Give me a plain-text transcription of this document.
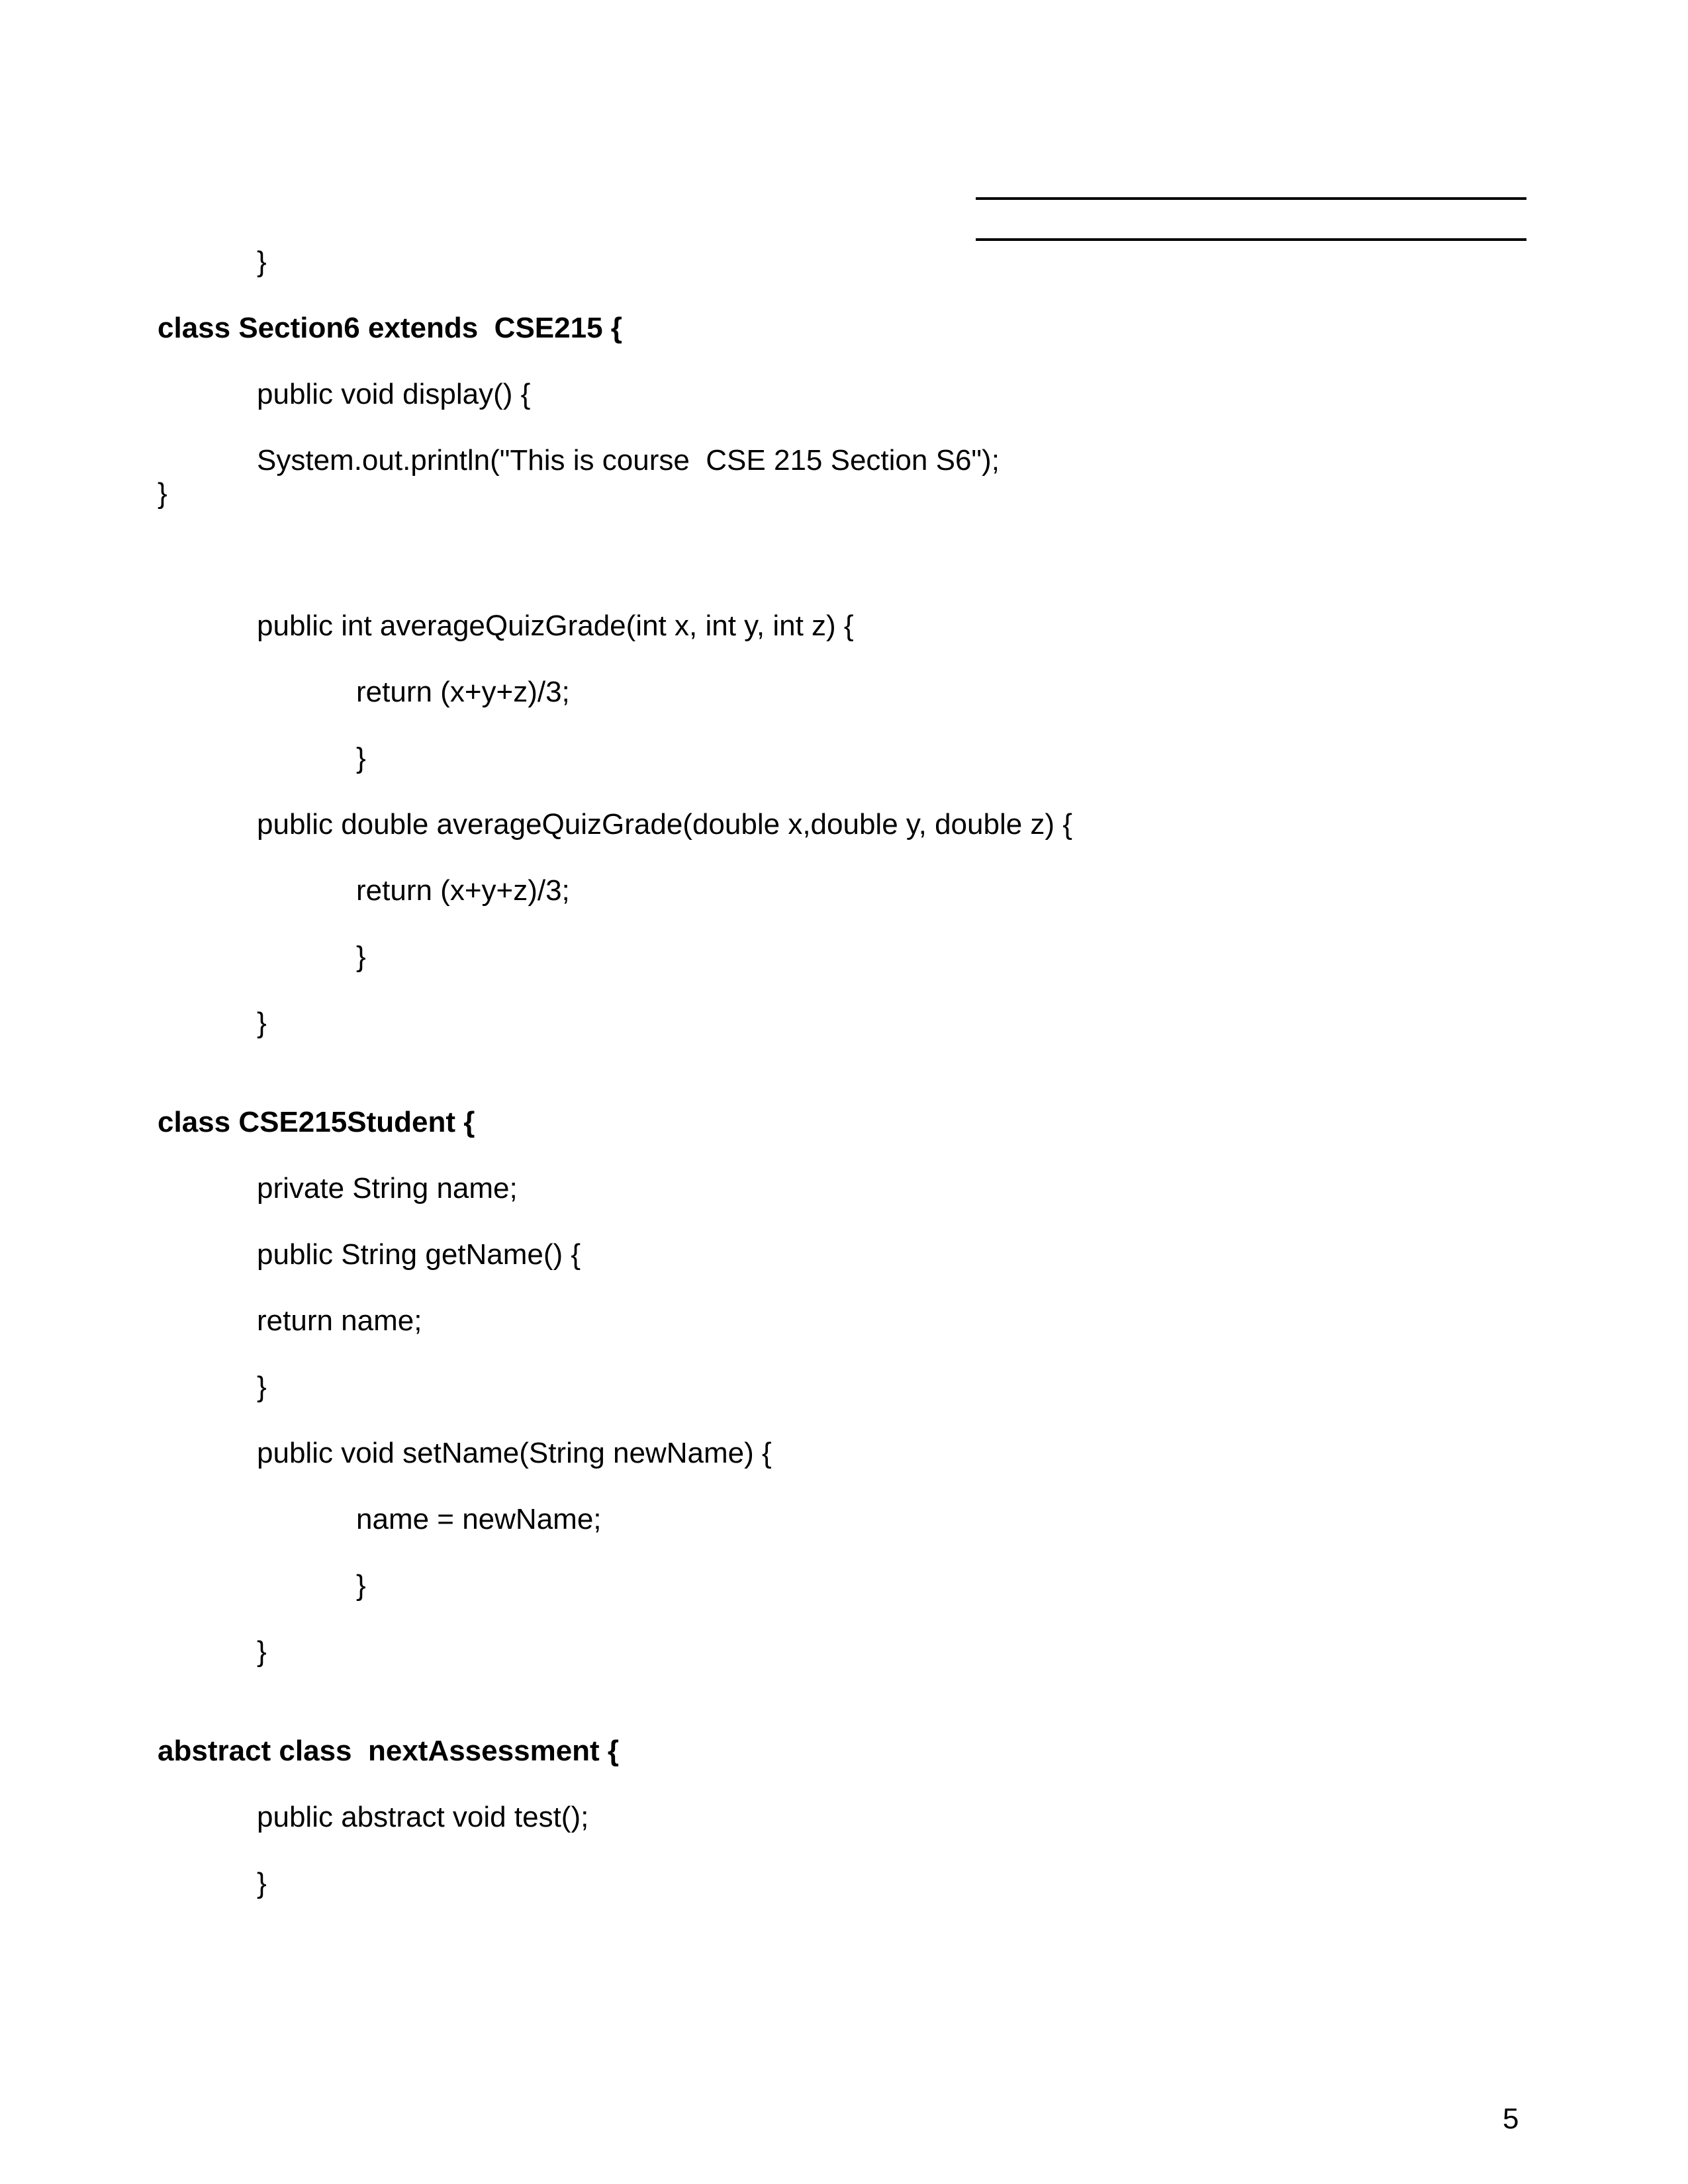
}
class Section6 extends  CSE215 {
public void display() {
System.out.println("This is course  CSE 215 Section S6");
}
public int averageQuizGrade(int x, int y, int z) {
return (x+y+z)/3;
}
public double averageQuizGrade(double x,double y, double z) {
return (x+y+z)/3;
}
}
class CSE215Student {
private String name;
public String getName() {
return name;
}
public void setName(String newName) {
name = newName;
}
}
abstract class  nextAssessment {
public abstract void test();
}
5
